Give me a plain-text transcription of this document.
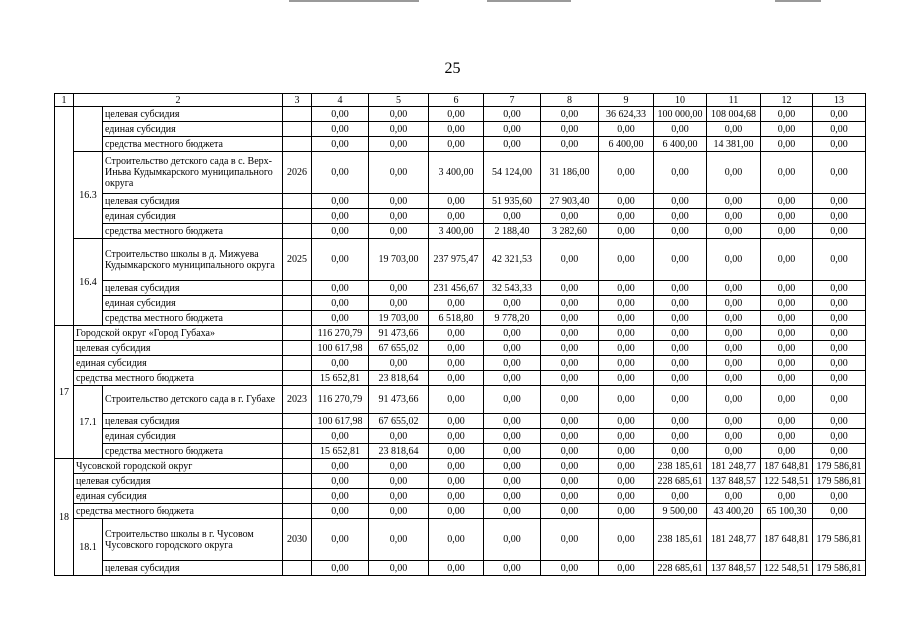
25
1	2		3	4	5	6	7	8	9	10	11	12	13
		целевая субсидия		0,00	0,00	0,00	0,00	0,00	36 624,33	100 000,00	108 004,68	0,00	0,00
		единая субсидия		0,00	0,00	0,00	0,00	0,00	0,00	0,00	0,00	0,00	0,00
		средства местного бюджета		0,00	0,00	0,00	0,00	0,00	6 400,00	6 400,00	14 381,00	0,00	0,00
	16.3	Строительство детского сада в с. Верх-Иньва Кудымкарского муниципального округа	2026	0,00	0,00	3 400,00	54 124,00	31 186,00	0,00	0,00	0,00	0,00	0,00
		целевая субсидия		0,00	0,00	0,00	51 935,60	27 903,40	0,00	0,00	0,00	0,00	0,00
		единая субсидия		0,00	0,00	0,00	0,00	0,00	0,00	0,00	0,00	0,00	0,00
		средства местного бюджета		0,00	0,00	3 400,00	2 188,40	3 282,60	0,00	0,00	0,00	0,00	0,00
	16.4	Строительство школы в д. Мижуева Кудымкарского муниципального округа	2025	0,00	19 703,00	237 975,47	42 321,53	0,00	0,00	0,00	0,00	0,00	0,00
		целевая субсидия		0,00	0,00	231 456,67	32 543,33	0,00	0,00	0,00	0,00	0,00	0,00
		единая субсидия		0,00	0,00	0,00	0,00	0,00	0,00	0,00	0,00	0,00	0,00
		средства местного бюджета		0,00	19 703,00	6 518,80	9 778,20	0,00	0,00	0,00	0,00	0,00	0,00
17	Городской округ «Город Губаха»			116 270,79	91 473,66	0,00	0,00	0,00	0,00	0,00	0,00	0,00	0,00
	целевая субсидия			100 617,98	67 655,02	0,00	0,00	0,00	0,00	0,00	0,00	0,00	0,00
	единая субсидия			0,00	0,00	0,00	0,00	0,00	0,00	0,00	0,00	0,00	0,00
	средства местного бюджета			15 652,81	23 818,64	0,00	0,00	0,00	0,00	0,00	0,00	0,00	0,00
	17.1	Строительство детского сада в г. Губахе	2023	116 270,79	91 473,66	0,00	0,00	0,00	0,00	0,00	0,00	0,00	0,00
		целевая субсидия		100 617,98	67 655,02	0,00	0,00	0,00	0,00	0,00	0,00	0,00	0,00
		единая субсидия		0,00	0,00	0,00	0,00	0,00	0,00	0,00	0,00	0,00	0,00
		средства местного бюджета		15 652,81	23 818,64	0,00	0,00	0,00	0,00	0,00	0,00	0,00	0,00
18	Чусовской городской округ			0,00	0,00	0,00	0,00	0,00	0,00	238 185,61	181 248,77	187 648,81	179 586,81
	целевая субсидия			0,00	0,00	0,00	0,00	0,00	0,00	228 685,61	137 848,57	122 548,51	179 586,81
	единая субсидия			0,00	0,00	0,00	0,00	0,00	0,00	0,00	0,00	0,00	0,00
	средства местного бюджета			0,00	0,00	0,00	0,00	0,00	0,00	9 500,00	43 400,20	65 100,30	0,00
	18.1	Строительство школы в г. Чусовом Чусовского городского округа	2030	0,00	0,00	0,00	0,00	0,00	0,00	238 185,61	181 248,77	187 648,81	179 586,81
		целевая субсидия		0,00	0,00	0,00	0,00	0,00	0,00	228 685,61	137 848,57	122 548,51	179 586,81
